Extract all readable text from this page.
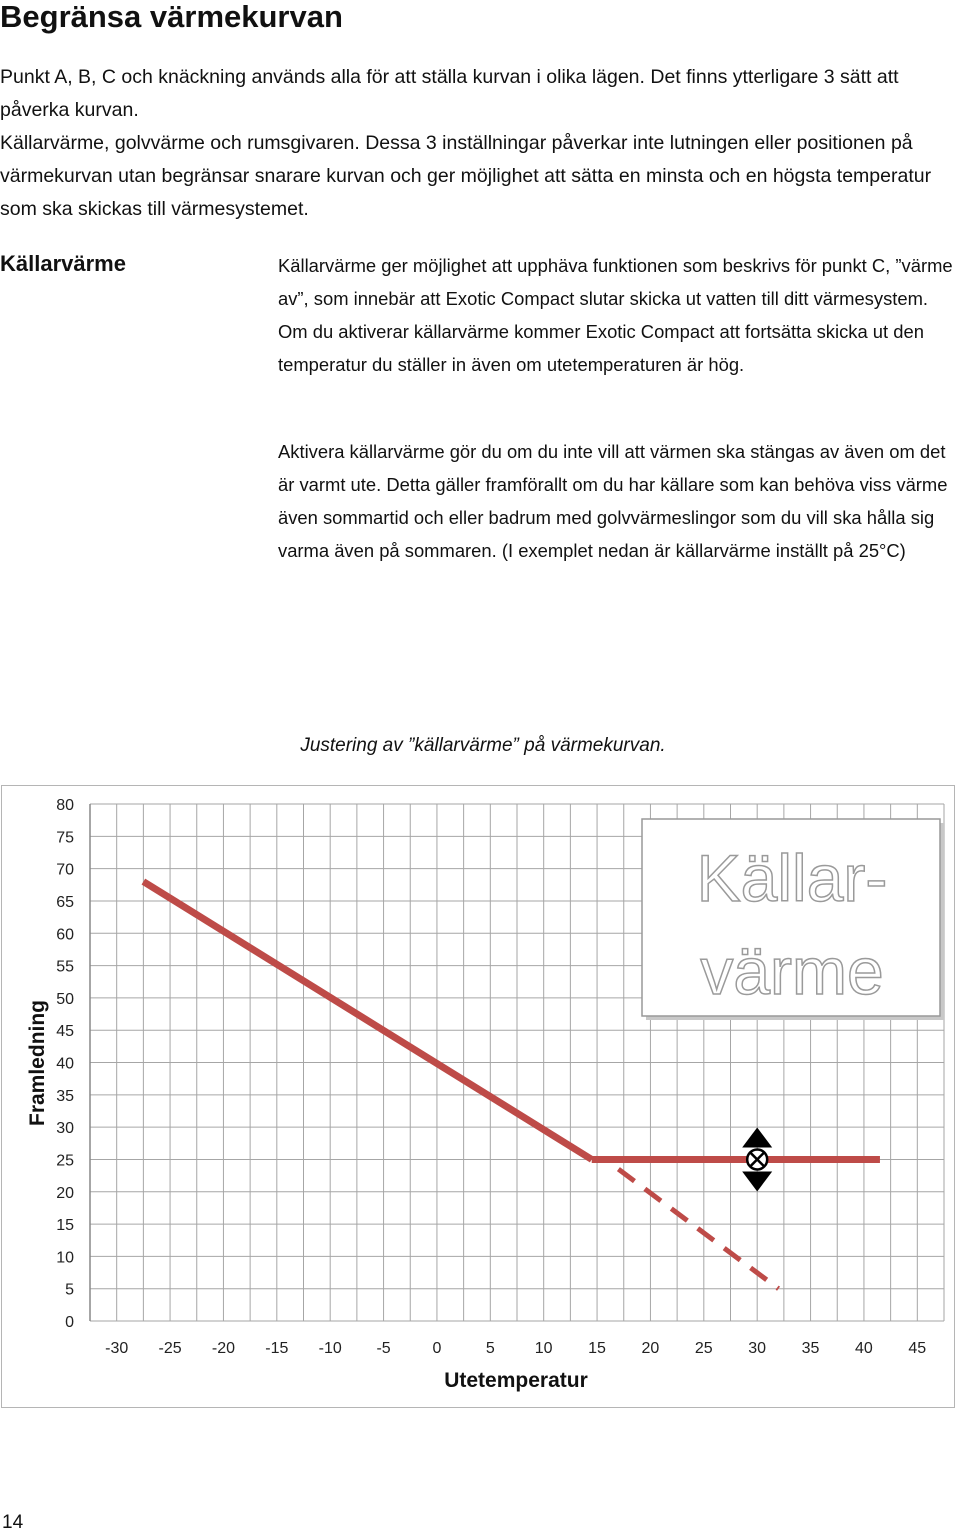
Begränsa värmekurvan

Punkt A, B, C och knäckning används alla för att ställa kurvan i olika lägen. Det finns ytterligare 3 sätt att påverka kurvan.

Källarvärme, golvvärme och rumsgivaren. Dessa 3 inställningar påverkar inte lutningen eller positionen på värmekurvan utan begränsar snarare kurvan och ger möjlighet att sätta en minsta och en högsta temperatur som ska skickas till värmesystemet.

Källarvärme	Källarvärme ger möjlighet att upphäva funktionen som beskrivs för punkt C, ”värme av”, som innebär att Exotic Compact slutar skicka ut vatten till ditt värmesystem. Om du aktiverar källarvärme kommer Exotic Compact att fortsätta skicka ut den temperatur du ställer in även om utetemperaturen är hög.

Aktivera källarvärme gör du om du inte vill att värmen ska stängas av även om det är varmt ute. Detta gäller framförallt om du har källare som kan behöva viss värme även sommartid och eller badrum med golvvärmeslingor som du vill ska hålla sig varma även på sommaren. (I exemplet nedan är källarvärme inställt på 25°C)

Justering av ”källarvärme” på värmekurvan.
0
5
10
15
20
25
30
35
40
45
50
55
60
65
70
75
80
-30 -25 -20 -15 -10 -5	0	5	10 15 20 25 30 35 40 45
Utetemperatur
Framledning
Källar-
värme
14
